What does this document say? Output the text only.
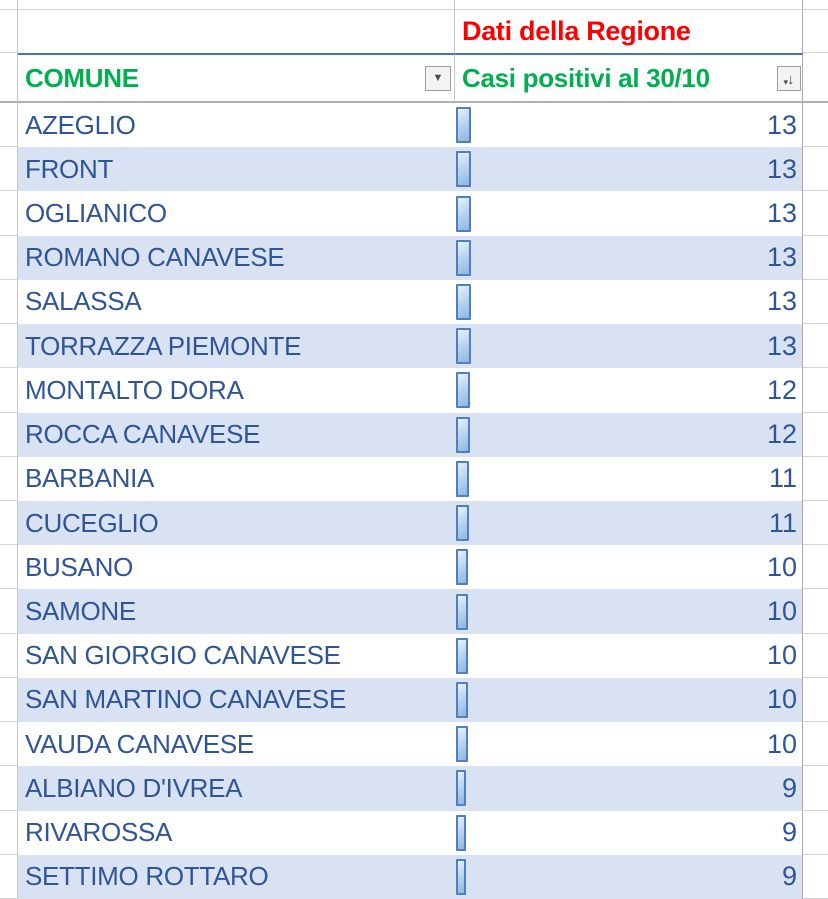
Dati della Regione
COMUNE	▼ Casi positivi al 30/10	▾ ↓
AZEGLIO	13
FRONT	13
OGLIANICO	13
ROMANO CANAVESE	13
SALASSA	13
TORRAZZA PIEMONTE	13
MONTALTO DORA	12
ROCCA CANAVESE	12
BARBANIA	11
CUCEGLIO	11
BUSANO	10
SAMONE	10
SAN GIORGIO CANAVESE	10
SAN MARTINO CANAVESE	10
VAUDA CANAVESE	10
ALBIANO D'IVREA	9
RIVAROSSA	9
SETTIMO ROTTARO	9
